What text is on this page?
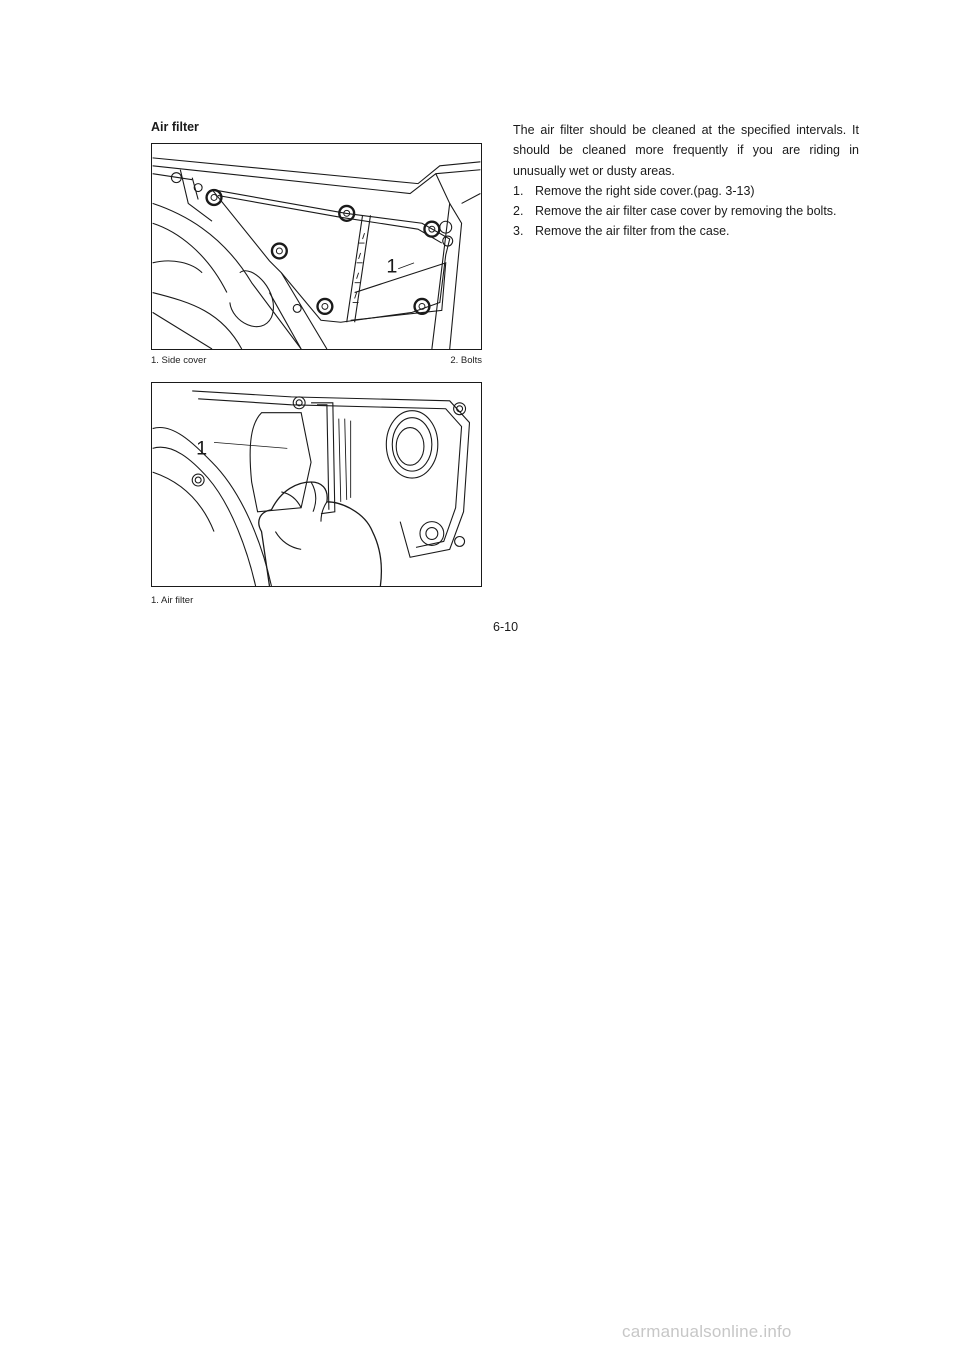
Air filter
1
1. Side cover	2. Bolts
1
1. Air filter

The air filter should be cleaned at the specified intervals. It should be cleaned more frequently if you are riding in unusually wet or dusty areas.

1. Remove the right side cover.(pag. 3-13)
2. Remove the air filter case cover by removing the bolts.
3. Remove the air filter from the case.
6-10
carmanualsonline.info
